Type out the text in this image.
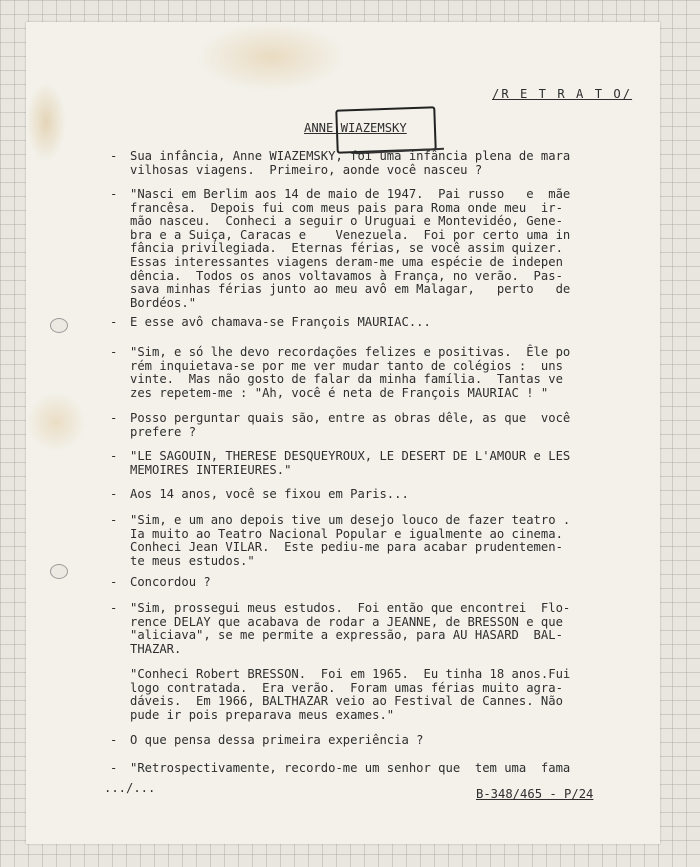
/R E T R A T O/
ANNE WIAZEMSKY
- Sua infância, Anne WIAZEMSKY, foi uma infância plena de mara
vilhosas viagens.  Primeiro, aonde você nasceu ?
- "Nasci em Berlim aos 14 de maio de 1947.  Pai russo   e  mãe
francêsa.  Depois fui com meus pais para Roma onde meu  ir-
mão nasceu.  Conheci a seguir o Uruguai e Montevidéo, Gene-
bra e a Suiça, Caracas e    Venezuela.  Foi por certo uma in
fância privilegiada.  Eternas férias, se você assim quizer.
Essas interessantes viagens deram-me uma espécie de indepen
dência.  Todos os anos voltavamos à França, no verão.  Pas-
sava minhas férias junto ao meu avô em Malagar,   perto   de
Bordéos."
- E esse avô chamava-se François MAURIAC...
- "Sim, e só lhe devo recordações felizes e positivas.  Êle po
rém inquietava-se por me ver mudar tanto de colégios :  uns
vinte.  Mas não gosto de falar da minha família.  Tantas ve
zes repetem-me : "Ah, você é neta de François MAURIAC ! "
- Posso perguntar quais são, entre as obras dêle, as que  você
prefere ?
- "LE SAGOUIN, THERESE DESQUEYROUX, LE DESERT DE L'AMOUR e LES
MEMOIRES INTERIEURES."
- Aos 14 anos, você se fixou em Paris...
- "Sim, e um ano depois tive um desejo louco de fazer teatro .
Ia muito ao Teatro Nacional Popular e igualmente ao cinema.
Conheci Jean VILAR.  Este pediu-me para acabar prudentemen-
te meus estudos."
- Concordou ?
- "Sim, prossegui meus estudos.  Foi então que encontrei  Flo-
rence DELAY que acabava de rodar a JEANNE, de BRESSON e que
"aliciava", se me permite a expressão, para AU HASARD  BAL-
THAZAR.
"Conheci Robert BRESSON.  Foi em 1965.  Eu tinha 18 anos.Fui
logo contratada.  Era verão.  Foram umas férias muito agra-
dáveis.  Em 1966, BALTHAZAR veio ao Festival de Cannes. Não
pude ir pois preparava meus exames."
- O que pensa dessa primeira experiência ?
- "Retrospectivamente, recordo-me um senhor que  tem uma  fama
.../...	B-348/465 - P/24
